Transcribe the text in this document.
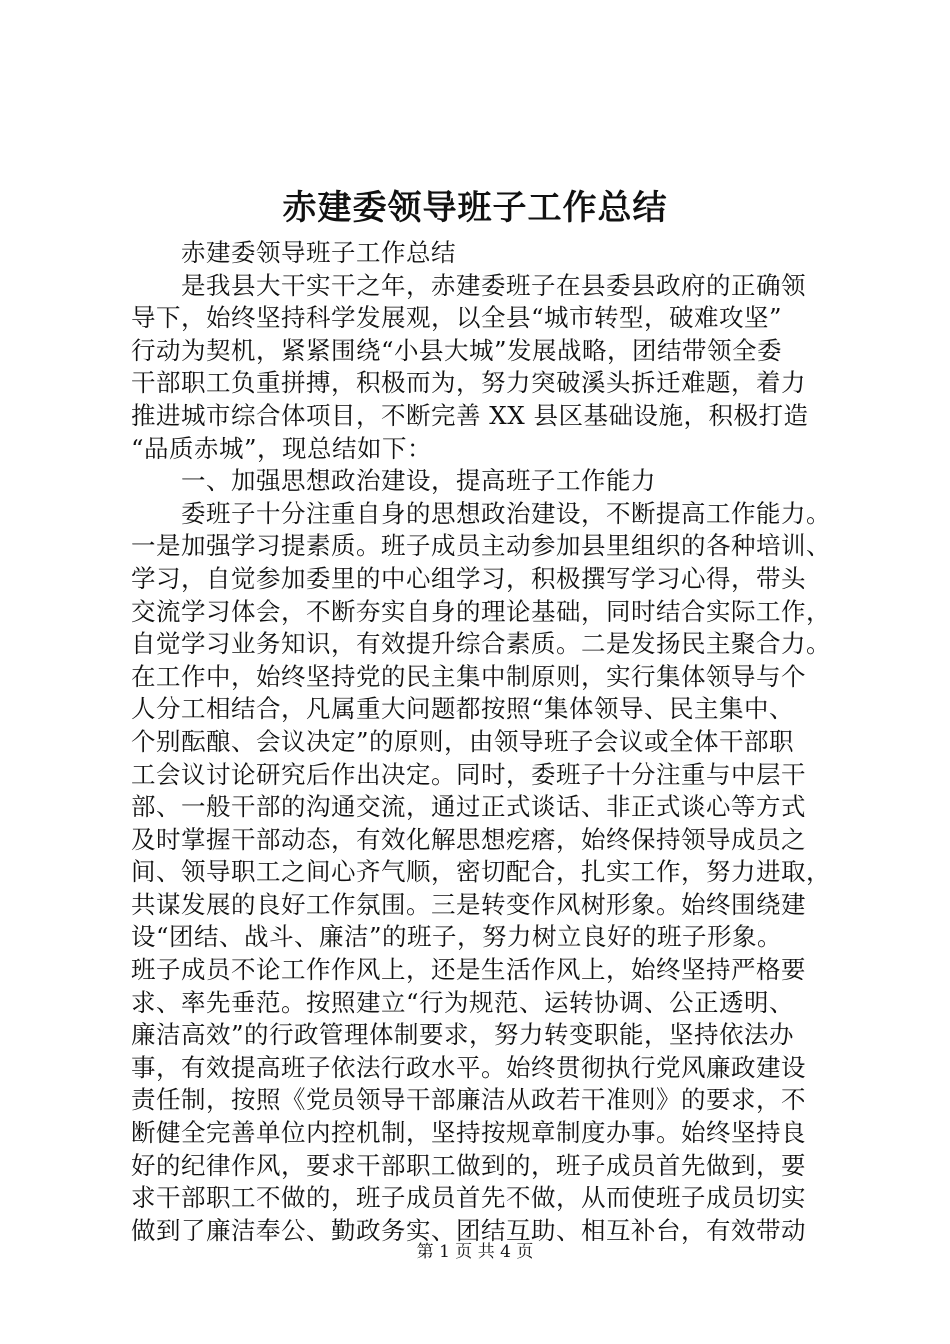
赤建委领导班子工作总结
赤建委领导班子工作总结
是我县大干实干之年，赤建委班子在县委县政府的正确领
导下，始终坚持科学发展观，以全县“城市转型，破难攻坚”
行动为契机，紧紧围绕“小县大城”发展战略，团结带领全委
干部职工负重拼搏，积极而为，努力突破溪头拆迁难题，着力
推进城市综合体项目，不断完善 XX 县区基础设施，积极打造
“品质赤城”，现总结如下：
一、加强思想政治建设，提高班子工作能力
委班子十分注重自身的思想政治建设，不断提高工作能力。
一是加强学习提素质。班子成员主动参加县里组织的各种培训、
学习，自觉参加委里的中心组学习，积极撰写学习心得，带头
交流学习体会，不断夯实自身的理论基础，同时结合实际工作，
自觉学习业务知识，有效提升综合素质。二是发扬民主聚合力。
在工作中，始终坚持党的民主集中制原则，实行集体领导与个
人分工相结合，凡属重大问题都按照“集体领导、民主集中、
个别酝酿、会议决定”的原则，由领导班子会议或全体干部职
工会议讨论研究后作出决定。同时，委班子十分注重与中层干
部、一般干部的沟通交流，通过正式谈话、非正式谈心等方式
及时掌握干部动态，有效化解思想疙瘩，始终保持领导成员之
间、领导职工之间心齐气顺，密切配合，扎实工作，努力进取，
共谋发展的良好工作氛围。三是转变作风树形象。始终围绕建
设“团结、战斗、廉洁”的班子，努力树立良好的班子形象。
班子成员不论工作作风上，还是生活作风上，始终坚持严格要
求、率先垂范。按照建立“行为规范、运转协调、公正透明、
廉洁高效”的行政管理体制要求，努力转变职能，坚持依法办
事，有效提高班子依法行政水平。始终贯彻执行党风廉政建设
责任制，按照《党员领导干部廉洁从政若干准则》的要求，不
断健全完善单位内控机制，坚持按规章制度办事。始终坚持良
好的纪律作风，要求干部职工做到的，班子成员首先做到，要
求干部职工不做的，班子成员首先不做，从而使班子成员切实
做到了廉洁奉公、勤政务实、团结互助、相互补台，有效带动
第 1 页 共 4 页
